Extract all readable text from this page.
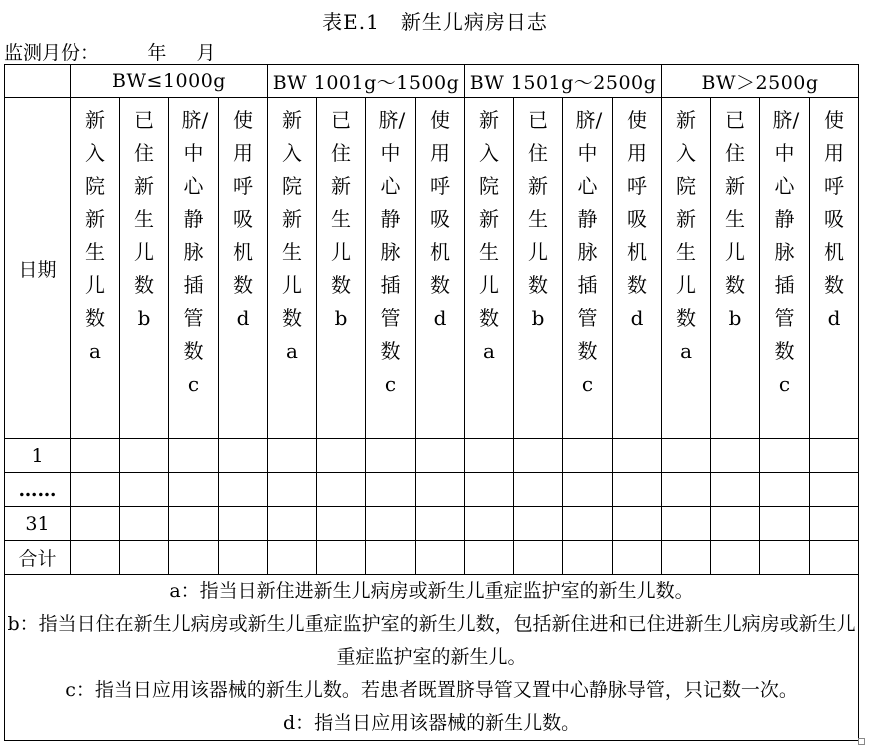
表E.1　新生儿病房日志
监测月份：        年     月
	BW≤1000g				BW 1001g～1500g				BW 1501g～2500g				BW＞2500g			
日期	新入院新生儿数a	已住新生儿数b	脐/中心静脉插管数c	使用呼吸机数d	新入院新生儿数a	已住新生儿数b	脐/中心静脉插管数c	使用呼吸机数d	新入院新生儿数a	已住新生儿数b	脐/中心静脉插管数c	使用呼吸机数d	新入院新生儿数a	已住新生儿数b	脐/中心静脉插管数c	使用呼吸机数d

1																
……																
31																
合计																

a：指当日新住进新生儿病房或新生儿重症监护室的新生儿数。
b：指当日住在新生儿病房或新生儿重症监护室的新生儿数，包括新住进和已住进新生儿病房或新生儿重症监护室的新生儿。
c：指当日应用该器械的新生儿数。若患者既置脐导管又置中心静脉导管，只记数一次。
d：指当日应用该器械的新生儿数。																
